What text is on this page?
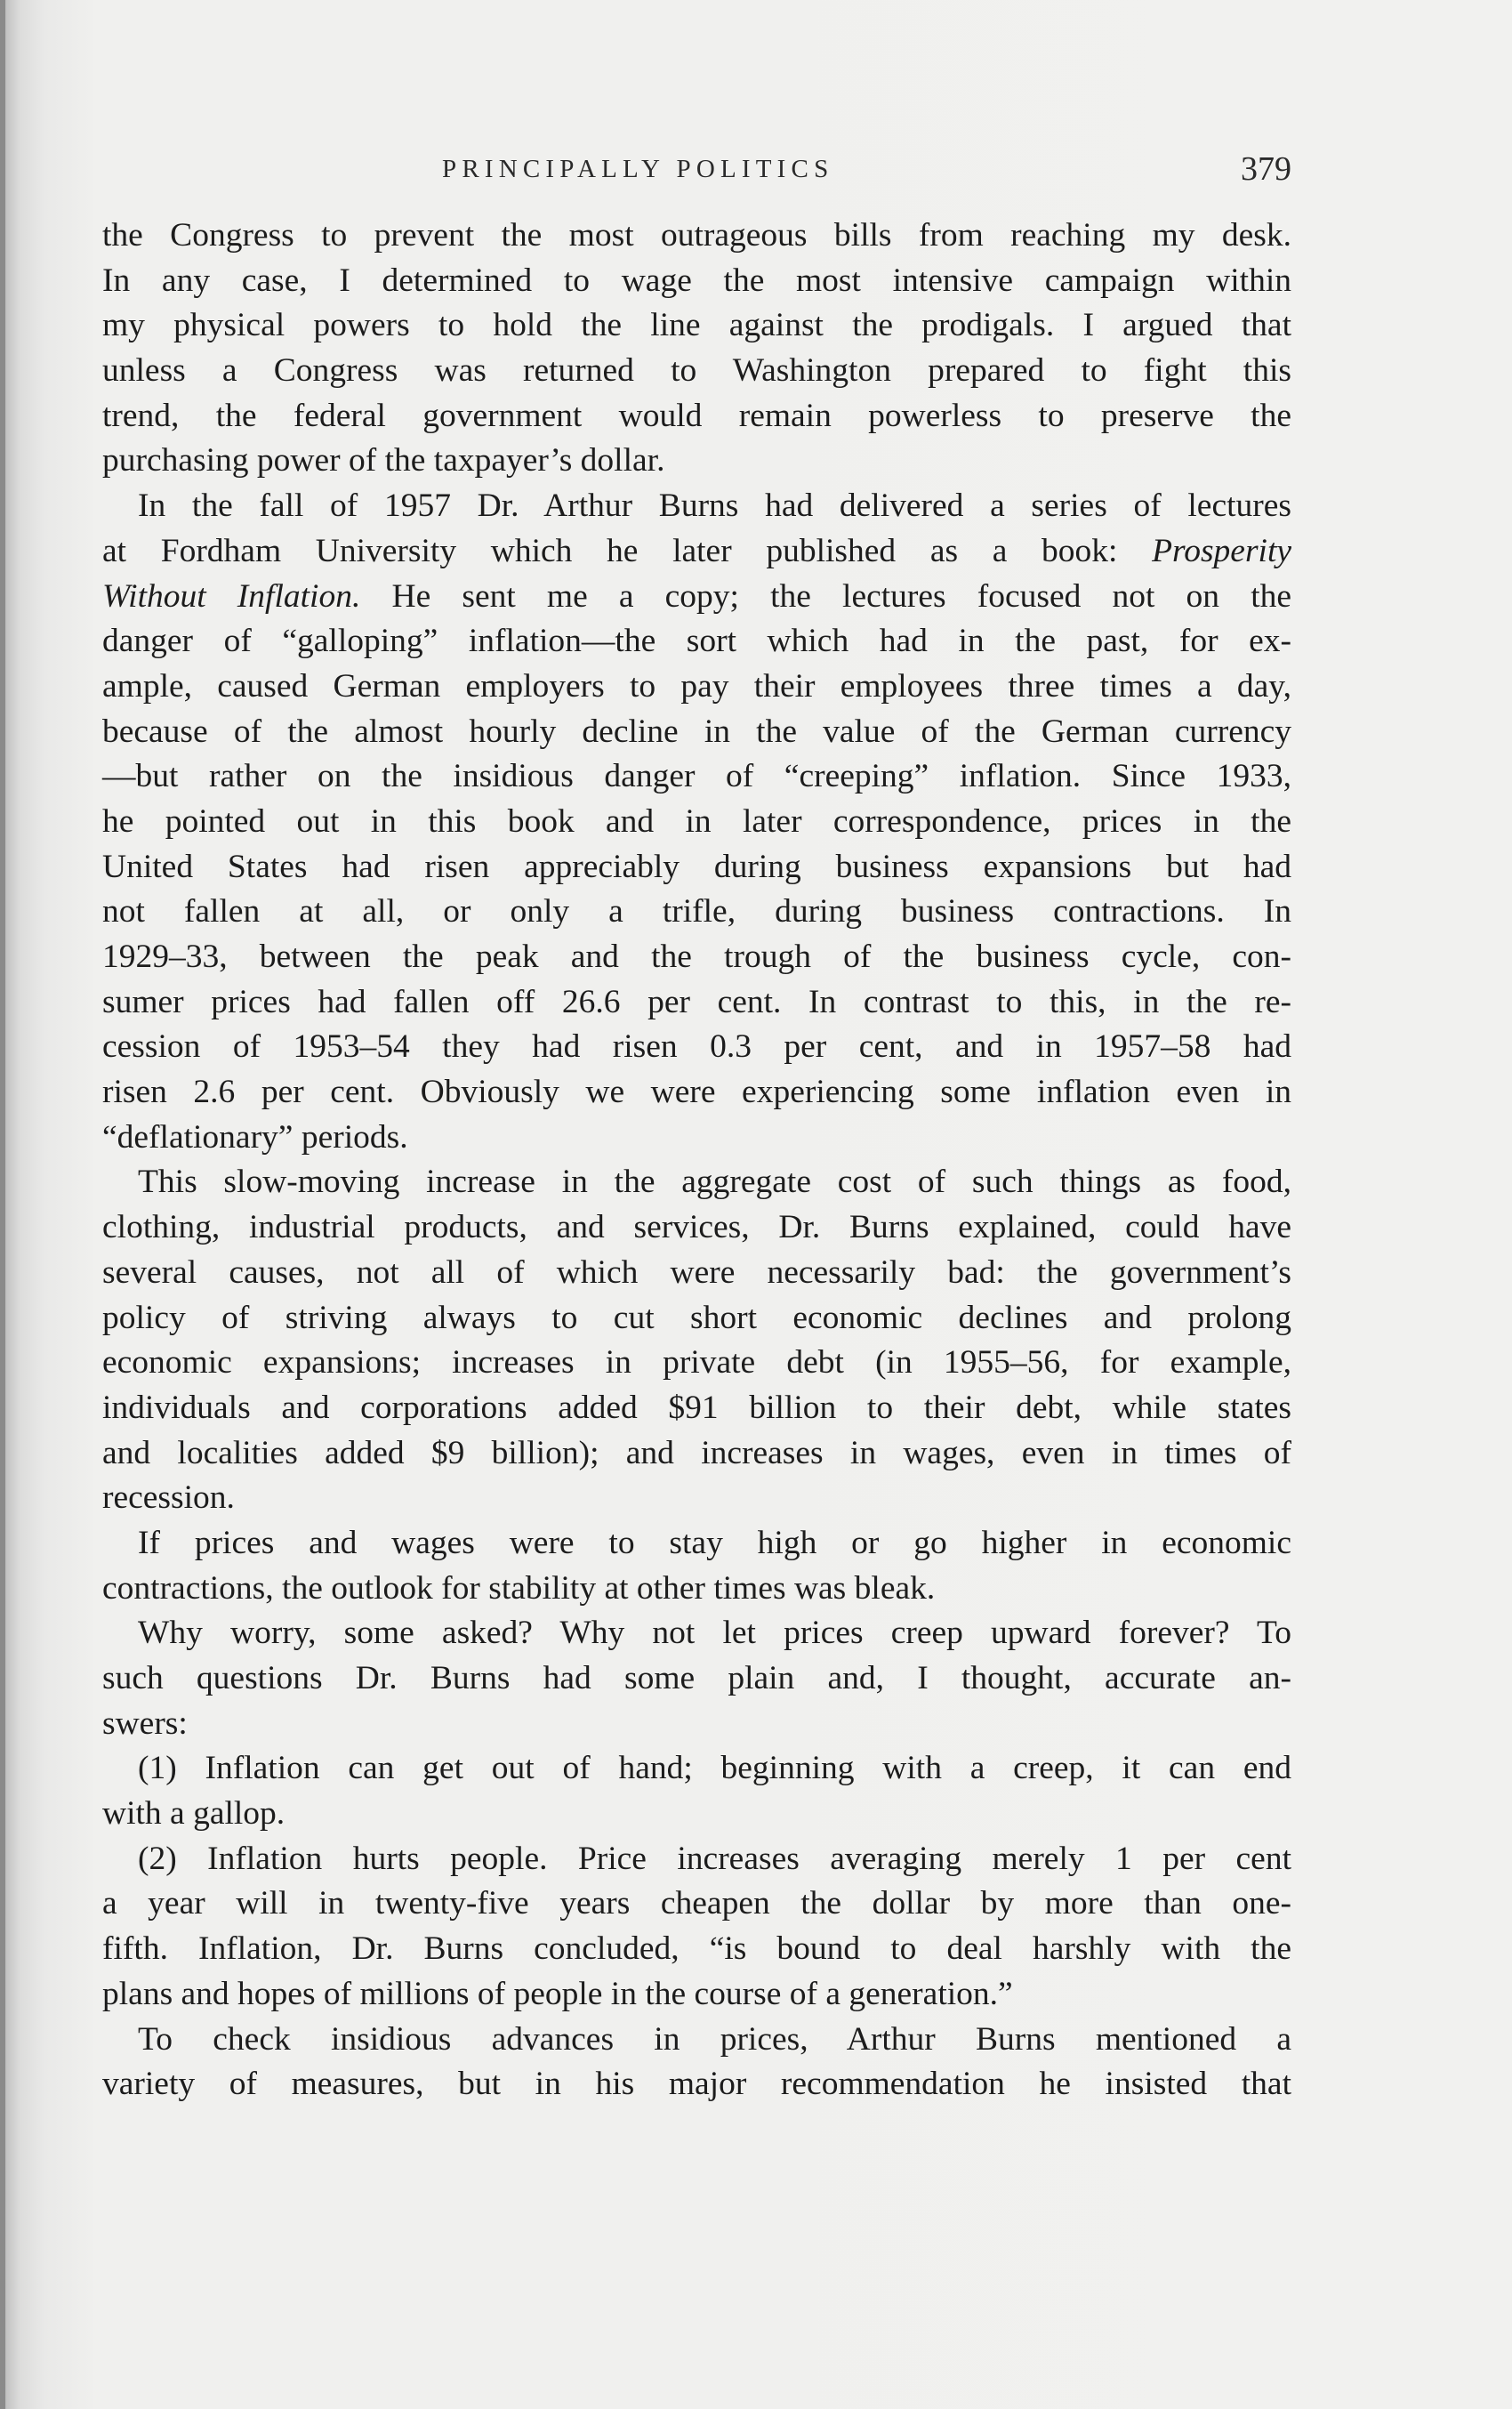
PRINCIPALLY POLITICS	379
the Congress to prevent the most outrageous bills from reaching my desk.
In any case, I determined to wage the most intensive campaign within
my physical powers to hold the line against the prodigals. I argued that
unless a Congress was returned to Washington prepared to fight this
trend, the federal government would remain powerless to preserve the
purchasing power of the taxpayer’s dollar.
In the fall of 1957 Dr. Arthur Burns had delivered a series of lectures
at Fordham University which he later published as a book: Prosperity
Without Inflation. He sent me a copy; the lectures focused not on the
danger of “galloping” inflation—the sort which had in the past, for ex-
ample, caused German employers to pay their employees three times a day,
because of the almost hourly decline in the value of the German currency
—but rather on the insidious danger of “creeping” inflation. Since 1933,
he pointed out in this book and in later correspondence, prices in the
United States had risen appreciably during business expansions but had
not fallen at all, or only a trifle, during business contractions. In
1929–33, between the peak and the trough of the business cycle, con-
sumer prices had fallen off 26.6 per cent. In contrast to this, in the re-
cession of 1953–54 they had risen 0.3 per cent, and in 1957–58 had
risen 2.6 per cent. Obviously we were experiencing some inflation even in
“deflationary” periods.
This slow-moving increase in the aggregate cost of such things as food,
clothing, industrial products, and services, Dr. Burns explained, could have
several causes, not all of which were necessarily bad: the government’s
policy of striving always to cut short economic declines and prolong
economic expansions; increases in private debt (in 1955–56, for example,
individuals and corporations added $91 billion to their debt, while states
and localities added $9 billion); and increases in wages, even in times of
recession.
If prices and wages were to stay high or go higher in economic
contractions, the outlook for stability at other times was bleak.
Why worry, some asked? Why not let prices creep upward forever? To
such questions Dr. Burns had some plain and, I thought, accurate an-
swers:
(1) Inflation can get out of hand; beginning with a creep, it can end
with a gallop.
(2) Inflation hurts people. Price increases averaging merely 1 per cent
a year will in twenty-five years cheapen the dollar by more than one-
fifth. Inflation, Dr. Burns concluded, “is bound to deal harshly with the
plans and hopes of millions of people in the course of a generation.”
To check insidious advances in prices, Arthur Burns mentioned a
variety of measures, but in his major recommendation he insisted that
